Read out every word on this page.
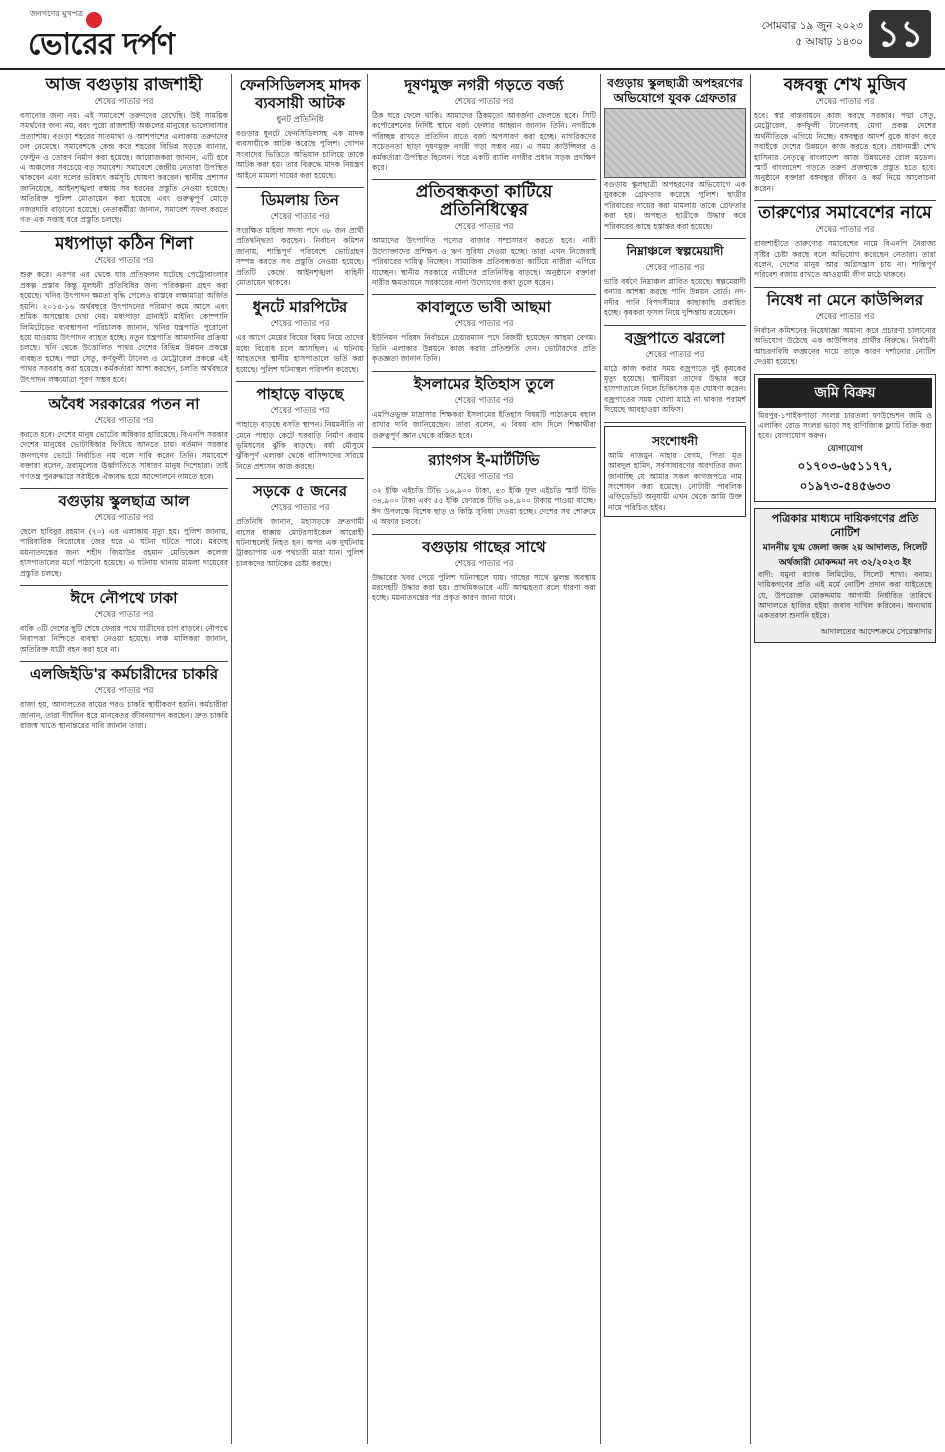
জনগণের মুখপত্র
ভোরের দর্পণ
সোমবার ১৯ জুন ২০২৩
৫ আষাঢ় ১৪৩০ ১১
আজ বগুড়ায় রাজশাহী
শেষের পাতার পর
বসানোর জন্য নয়। এই সমাবেশে তরুণদের রেখেছি। উই সাময়িক সমর্থনের জন্য নয়, বরং পুরো রাজশাহী অঞ্চলের মানুষের ভালোবাসার প্রত্যাশায়। বগুড়া শহরের সাতমাথা ও আশপাশের এলাকায় তরুণদের ঢল নেমেছে। সমাবেশকে কেন্দ্র করে শহরের বিভিন্ন সড়কে ব্যানার, ফেস্টুন ও তোরণ নির্মাণ করা হয়েছে। আয়োজকরা জানান, এটি হবে এ অঞ্চলের সবচেয়ে বড় সমাবেশ। সমাবেশে কেন্দ্রীয় নেতারা উপস্থিত থাকবেন এবং দলের ভবিষ্যৎ কর্মসূচি ঘোষণা করবেন। স্থানীয় প্রশাসন জানিয়েছে, আইনশৃঙ্খলা রক্ষায় সব ধরনের প্রস্তুতি নেওয়া হয়েছে। অতিরিক্ত পুলিশ মোতায়েন করা হয়েছে এবং গুরুত্বপূর্ণ মোড়ে নজরদারি বাড়ানো হয়েছে। নেতাকর্মীরা জানান, সমাবেশ সফল করতে গত এক সপ্তাহ ধরে প্রস্তুতি চলছে।
মধ্যপাড়া কঠিন শিলা
শেষের পাতার পর
শুরু করে। এরপর এর থেকে যার প্রতিফলন ঘটেছে পেট্রোবাংলার প্রকল্প প্রস্তাব কিন্তু মূলধনী প্রতিবিধির জন্য পরিকল্পনা গ্রহণ করা হয়েছে। খনির উৎপাদন ক্ষমতা বৃদ্ধি পেলেও বাস্তবে লক্ষ্যমাত্রা অর্জিত হয়নি। ২০১৫-১৬ অর্থবছরে উৎপাদনের পরিমাণ কমে আসে এবং শ্রমিক অসন্তোষ দেখা দেয়। মধ্যপাড়া গ্রানাইট মাইনিং কোম্পানি লিমিটেডের ব্যবস্থাপনা পরিচালক জানান, খনির যন্ত্রপাতি পুরোনো হয়ে যাওয়ায় উৎপাদন ব্যাহত হচ্ছে। নতুন যন্ত্রপাতি আমদানির প্রক্রিয়া চলছে। খনি থেকে উত্তোলিত পাথর দেশের বিভিন্ন উন্নয়ন প্রকল্পে ব্যবহৃত হচ্ছে। পদ্মা সেতু, কর্ণফুলী টানেল ও মেট্রোরেল প্রকল্পে এই পাথর সরবরাহ করা হয়েছে। কর্মকর্তারা আশা করছেন, চলতি অর্থবছরে উৎপাদন লক্ষ্যমাত্রা পূরণ সম্ভব হবে।
অবৈধ সরকারের পতন না
শেষের পাতার পর
করতে হবে। দেশের মানুষ ভোটের অধিকার হারিয়েছে। বিএনপি সরকার দেশের মানুষের ভোটাধিকার ফিরিয়ে আনতে চায়। বর্তমান সরকার জনগণের ভোটে নির্বাচিত নয় বলে দাবি করেন তিনি। সমাবেশে বক্তারা বলেন, দ্রব্যমূল্যের ঊর্ধ্বগতিতে সাধারণ মানুষ দিশেহারা। তাই গণতন্ত্র পুনরুদ্ধারে সবাইকে ঐক্যবদ্ধ হয়ে আন্দোলনে নামতে হবে।
বগুড়ায় স্কুলছাত্র আল
শেষের পাতার পর
ছেলে হাবিবুর রহমান (৭০) এর এলাকায় মৃত্যু হয়। পুলিশ জানায়, পারিবারিক বিরোধের জের ধরে এ ঘটনা ঘটতে পারে। মরদেহ ময়নাতদন্তের জন্য শহীদ জিয়াউর রহমান মেডিকেল কলেজ হাসপাতালের মর্গে পাঠানো হয়েছে। এ ঘটনায় থানায় মামলা দায়েরের প্রস্তুতি চলছে।
ঈদে নৌপথে ঢাকা
শেষের পাতার পর
বাকি ৩টি দেশের ছুটি শেষে ফেরার পথে যাত্রীদের চাপ বাড়বে। নৌপথে নিরাপত্তা নিশ্চিতে ব্যবস্থা নেওয়া হয়েছে। লঞ্চ মালিকরা জানান, অতিরিক্ত যাত্রী বহন করা হবে না।
এলজিইডি'র কর্মচারীদের চাকরি
শেষের পাতার পর
রাজা হয়, আদালতের রায়ের পরও চাকরি স্থায়ীকরণ হয়নি। কর্মচারীরা জানান, তারা দীর্ঘদিন ধরে মানবেতর জীবনযাপন করছেন। দ্রুত চাকরি রাজস্ব খাতে স্থানান্তরের দাবি জানান তারা।
ফেনসিডিলসহ মাদক ব্যবসায়ী আটক
ধুনট প্রতিনিধি
বগুড়ার ধুনটে ফেনসিডিলসহ এক মাদক ব্যবসায়ীকে আটক করেছে পুলিশ। গোপন সংবাদের ভিত্তিতে অভিযান চালিয়ে তাকে আটক করা হয়। তার বিরুদ্ধে মাদক নিয়ন্ত্রণ আইনে মামলা দায়ের করা হয়েছে।
ডিমলায় তিন
শেষের পাতার পর
সংরক্ষিত মহিলা সদস্য পদে ৩৮ জন প্রার্থী প্রতিদ্বন্দ্বিতা করছেন। নির্বাচন কমিশন জানায়, শান্তিপূর্ণ পরিবেশে ভোটগ্রহণ সম্পন্ন করতে সব প্রস্তুতি নেওয়া হয়েছে। প্রতিটি কেন্দ্রে আইনশৃঙ্খলা বাহিনী মোতায়েন থাকবে।
ধুনটে মারপিটের
শেষের পাতার পর
এর আগে মেয়ের বিয়ের বিষয় নিয়ে তাদের মধ্যে বিরোধ চলে আসছিল। এ ঘটনায় আহতদের স্থানীয় হাসপাতালে ভর্তি করা হয়েছে। পুলিশ ঘটনাস্থল পরিদর্শন করেছে।
পাহাড়ে বাড়ছে
শেষের পাতার পর
পাহাড়ে বাড়ছে বসতি স্থাপন। নিয়মনীতি না মেনে পাহাড় কেটে ঘরবাড়ি নির্মাণ করায় ভূমিধসের ঝুঁকি বাড়ছে। বর্ষা মৌসুমে ঝুঁকিপূর্ণ এলাকা থেকে বাসিন্দাদের সরিয়ে নিতে প্রশাসন কাজ করছে।
সড়কে ৫ জনের
শেষের পাতার পর
প্রতিনিধি জানান, মহাসড়কে দ্রুতগামী বাসের ধাক্কায় মোটরসাইকেল আরোহী ঘটনাস্থলেই নিহত হন। অপর এক দুর্ঘটনায় ট্রাকচাপায় এক পথচারী মারা যান। পুলিশ চালকদের আটকের চেষ্টা করছে।
দূষণমুক্ত নগরী গড়তে বর্জ্য
শেষের পাতার পর
ঠিক ঘরে ফেলে থাকি। আমাদের ঠিকমতো আবর্জনা ফেলতে হবে। সিটি কর্পোরেশনের নির্দিষ্ট স্থানে বর্জ্য ফেলার আহ্বান জানান তিনি। নগরীকে পরিচ্ছন্ন রাখতে প্রতিদিন রাতে বর্জ্য অপসারণ করা হচ্ছে। নাগরিকদের সচেতনতা ছাড়া দূষণমুক্ত নগরী গড়া সম্ভব নয়। এ সময় কাউন্সিলর ও কর্মকর্তারা উপস্থিত ছিলেন। পরে একটি র‍্যালি নগরীর প্রধান সড়ক প্রদক্ষিণ করে।
প্রতিবন্ধকতা কাটিয়ে প্রতিনিধিত্বের
শেষের পাতার পর
আমাদের উৎপাদিত পণ্যের বাজার সম্প্রসারণ করতে হবে। নারী উদ্যোক্তাদের প্রশিক্ষণ ও ঋণ সুবিধা দেওয়া হচ্ছে। তারা এখন নিজেরাই পরিবারের দায়িত্ব নিচ্ছেন। সামাজিক প্রতিবন্ধকতা কাটিয়ে নারীরা এগিয়ে যাচ্ছেন। স্থানীয় সরকারে নারীদের প্রতিনিধিত্ব বাড়ছে। অনুষ্ঠানে বক্তারা নারীর ক্ষমতায়নে সরকারের নানা উদ্যোগের কথা তুলে ধরেন।
কাবালুতে ভাবী আছমা
শেষের পাতার পর
ইউনিয়ন পরিষদ নির্বাচনে চেয়ারম্যান পদে বিজয়ী হয়েছেন আছমা বেগম। তিনি এলাকার উন্নয়নে কাজ করার প্রতিশ্রুতি দেন। ভোটারদের প্রতি কৃতজ্ঞতা জানান তিনি।
ইসলামের ইতিহাস তুলে
শেষের পাতার পর
এমপিওভুক্ত মাদ্রাসার শিক্ষকরা ইসলামের ইতিহাস বিষয়টি পাঠ্যক্রমে বহাল রাখার দাবি জানিয়েছেন। তারা বলেন, এ বিষয় বাদ দিলে শিক্ষার্থীরা গুরুত্বপূর্ণ জ্ঞান থেকে বঞ্চিত হবে।
র‍্যাংগস ই-মার্টটিভি
শেষের পাতার পর
৩২ ইঞ্চি এইচডি টিভি ১৬,৯০০ টাকা, ৪৩ ইঞ্চি ফুল এইচডি স্মার্ট টিভি ৩৪,৯০০ টাকা এবং ৫৫ ইঞ্চি ফোরকে টিভি ৬৪,৯০০ টাকায় পাওয়া যাচ্ছে। ঈদ উপলক্ষে বিশেষ ছাড় ও কিস্তি সুবিধা দেওয়া হচ্ছে। দেশের সব শোরুমে এ অফার চলবে।
বগুড়ায় গাছের সাথে
শেষের পাতার পর
উদ্ধারের খবর পেয়ে পুলিশ ঘটনাস্থলে যায়। গাছের সাথে ঝুলন্ত অবস্থায় মরদেহটি উদ্ধার করা হয়। প্রাথমিকভাবে এটি আত্মহত্যা বলে ধারণা করা হচ্ছে। ময়নাতদন্তের পর প্রকৃত কারণ জানা যাবে।
বগুড়ায় স্কুলছাত্রী অপহরণের অভিযোগে যুবক গ্রেফতার
বগুড়ায় স্কুলছাত্রী অপহরণের অভিযোগে এক যুবককে গ্রেফতার করেছে পুলিশ। ছাত্রীর পরিবারের দায়ের করা মামলায় তাকে গ্রেফতার করা হয়। অপহৃত ছাত্রীকে উদ্ধার করে পরিবারের কাছে হস্তান্তর করা হয়েছে।
নিম্নাঞ্চলে স্বল্পমেয়াদী
শেষের পাতার পর
ভারি বর্ষণে নিম্নাঞ্চল প্লাবিত হয়েছে। স্বল্পমেয়াদী বন্যার আশঙ্কা করছে পানি উন্নয়ন বোর্ড। নদ-নদীর পানি বিপদসীমার কাছাকাছি প্রবাহিত হচ্ছে। কৃষকরা ফসল নিয়ে দুশ্চিন্তায় রয়েছেন।
বজ্রপাতে ঝরলো
শেষের পাতার পর
মাঠে কাজ করার সময় বজ্রপাতে দুই কৃষকের মৃত্যু হয়েছে। স্থানীয়রা তাদের উদ্ধার করে হাসপাতালে নিলে চিকিৎসক মৃত ঘোষণা করেন। বজ্রপাতের সময় খোলা মাঠে না থাকার পরামর্শ দিয়েছে আবহাওয়া অফিস।
সংশোধনী
আমি নাজমুন নাহার বেগম, পিতা মৃত আবদুল হামিদ, সর্বসাধারণের অবগতির জন্য জানাচ্ছি যে আমার সকল কাগজপত্রে নাম সংশোধন করা হয়েছে। নোটারী পাবলিক এফিডেভিট অনুযায়ী এখন থেকে আমি উক্ত নামে পরিচিত হইব।
বঙ্গবন্ধু শেখ মুজিব
শেষের পাতার পর
হবে। স্বপ্ন বাস্তবায়নে কাজ করছে সরকার। পদ্মা সেতু, মেট্রোরেল, কর্ণফুলী টানেলসহ মেগা প্রকল্প দেশের অর্থনীতিকে এগিয়ে নিচ্ছে। বঙ্গবন্ধুর আদর্শ বুকে ধারণ করে সবাইকে দেশের উন্নয়নে কাজ করতে হবে। প্রধানমন্ত্রী শেখ হাসিনার নেতৃত্বে বাংলাদেশ আজ উন্নয়নের রোল মডেল। স্মার্ট বাংলাদেশ গড়তে তরুণ প্রজন্মকে প্রস্তুত হতে হবে। অনুষ্ঠানে বক্তারা বঙ্গবন্ধুর জীবন ও কর্ম নিয়ে আলোচনা করেন।
তারুণ্যের সমাবেশের নামে
শেষের পাতার পর
রাজশাহীতে তারুণ্যের সমাবেশের নামে বিএনপি নৈরাজ্য সৃষ্টির চেষ্টা করছে বলে অভিযোগ করেছেন নেতারা। তারা বলেন, দেশের মানুষ আর অগ্নিসন্ত্রাস চায় না। শান্তিপূর্ণ পরিবেশ বজায় রাখতে আওয়ামী লীগ মাঠে থাকবে।
নিষেধ না মেনে কাউন্সিলর
শেষের পাতার পর
নির্বাচন কমিশনের নিষেধাজ্ঞা অমান্য করে প্রচারণা চালানোর অভিযোগ উঠেছে এক কাউন্সিলর প্রার্থীর বিরুদ্ধে। নির্বাচনী আচরণবিধি লঙ্ঘনের দায়ে তাকে কারণ দর্শানোর নোটিশ দেওয়া হয়েছে।
জমি বিক্রয়
মিরপুর-১পাইকপাড়া সংলগ্ন চারতলা ফাউন্ডেশন জমি ও এলাকিং রোড সংলগ্ন ভাড়া সহ বাণিজ্যিক ফ্ল্যাট বিক্রি করা হবে। যোগাযোগ করুন।
যোগাযোগ
০১৭০৩-৬৫১১৭৭, ০১৯৭৩-৫৪৫৬৩৩
পত্রিকার মাধ্যমে দায়িকগণের প্রতি নোটিশ
মাননীয় যুগ্ম জেলা জজ ২য় আদালত, সিলেট
অর্থজারী মোকদ্দমা নং ৩২/২০২৩ ইং
বাদী: যমুনা ব্যাংক লিমিটেড, সিলেট শাখা। বনাম। দায়িকগণের প্রতি এই মর্মে নোটিশ প্রদান করা যাইতেছে যে, উপরোক্ত মোকদ্দমায় আগামী নির্ধারিত তারিখে আদালতে হাজির হইয়া জবাব দাখিল করিবেন। অন্যথায় একতরফা শুনানি হইবে।
আদালতের আদেশক্রমে সেরেস্তাদার
